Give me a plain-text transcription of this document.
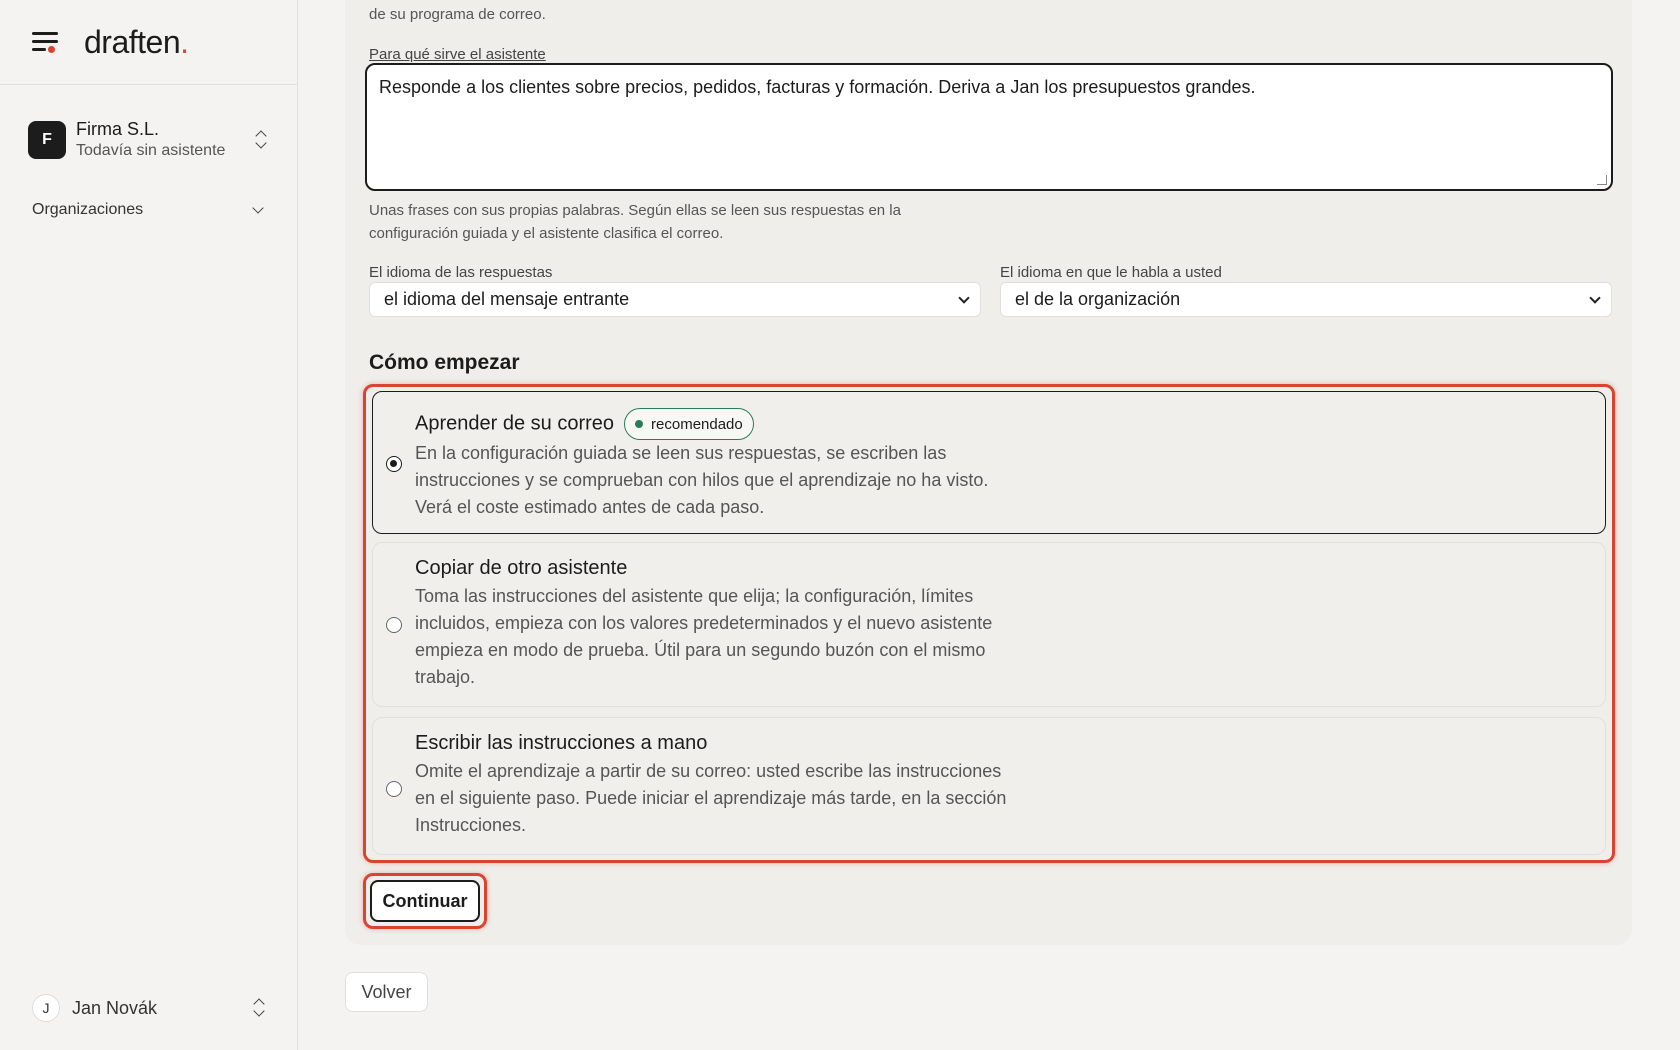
draften.
F
Firma S.L.
Todavía sin asistente
Organizaciones
J	Jan Novák
de su programa de correo.
Para qué sirve el asistente
Responde a los clientes sobre precios, pedidos, facturas y formación. Deriva a Jan los presupuestos grandes.
Unas frases con sus propias palabras. Según ellas se leen sus respuestas en la configuración guiada y el asistente clasifica el correo.
El idioma de las respuestas
el idioma del mensaje entrante
El idioma en que le habla a usted
el de la organización
Cómo empezar
Aprender de su correo recomendado
En la configuración guiada se leen sus respuestas, se escriben las instrucciones y se comprueban con hilos que el aprendizaje no ha visto. Verá el coste estimado antes de cada paso.
Copiar de otro asistente
Toma las instrucciones del asistente que elija; la configuración, límites incluidos, empieza con los valores predeterminados y el nuevo asistente empieza en modo de prueba. Útil para un segundo buzón con el mismo trabajo.
Escribir las instrucciones a mano
Omite el aprendizaje a partir de su correo: usted escribe las instrucciones en el siguiente paso. Puede iniciar el aprendizaje más tarde, en la sección Instrucciones.
Continuar
Volver
